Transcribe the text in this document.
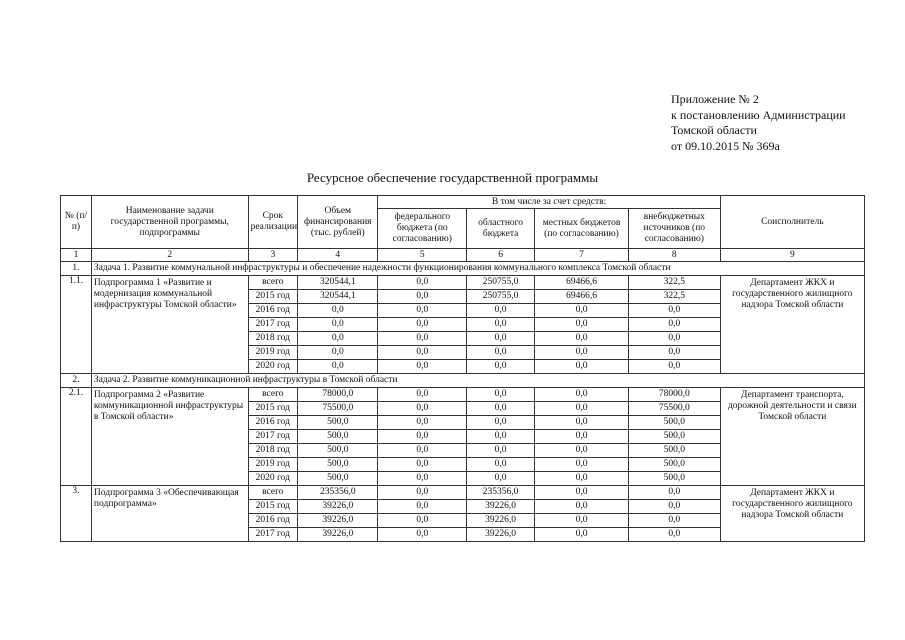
Приложение № 2
к постановлению Администрации
Томской области
от 09.10.2015 № 369а
Ресурсное обеспечение государственной программы
№ (п/п)	Наименование задачи государственной программы, подпрограммы	Срок реализации	Объем финансирования (тыс. рублей)	В том числе за счет средств:				Соисполнитель
				федерального бюджета (по согласованию)	областного бюджета	местных бюджетов (по согласованию)	внебюджетных источников (по согласованию)	
1	2	3	4	5	6	7	8	9
1.	Задача 1. Развитие коммунальной инфраструктуры и обеспечение надежности функционирования коммунального комплекса Томской области							
1.1.	Подпрограмма 1 «Развитие и модернизация коммунальной инфраструктуры Томской области»	всего	320544,1	0,0	250755,0	69466,6	322,5	Департамент ЖКХ и государственного жилищного надзора Томской области
		2015 год	320544,1	0,0	250755,0	69466,6	322,5	
		2016 год	0,0	0,0	0,0	0,0	0,0	
		2017 год	0,0	0,0	0,0	0,0	0,0	
		2018 год	0,0	0,0	0,0	0,0	0,0	
		2019 год	0,0	0,0	0,0	0,0	0,0	
		2020 год	0,0	0,0	0,0	0,0	0,0	
2.	Задача 2. Развитие коммуникационной инфраструктуры в Томской области							
2.1.	Подпрограмма 2 «Развитие коммуникационной инфраструктуры в Томской области»	всего	78000,0	0,0	0,0	0,0	78000,0	Департамент транспорта, дорожной деятельности и связи Томской области
		2015 год	75500,0	0,0	0,0	0,0	75500,0	
		2016 год	500,0	0,0	0,0	0,0	500,0	
		2017 год	500,0	0,0	0,0	0,0	500,0	
		2018 год	500,0	0,0	0,0	0,0	500,0	
		2019 год	500,0	0,0	0,0	0,0	500,0	
		2020 год	500,0	0,0	0,0	0,0	500,0	
3.	Подпрограмма 3 «Обеспечивающая подпрограмма»	всего	235356,0	0,0	235356,0	0,0	0,0	Департамент ЖКХ и государственного жилищного надзора Томской области
		2015 год	39226,0	0,0	39226,0	0,0	0,0	
		2016 год	39226,0	0,0	39226,0	0,0	0,0	
		2017 год	39226,0	0,0	39226,0	0,0	0,0	
